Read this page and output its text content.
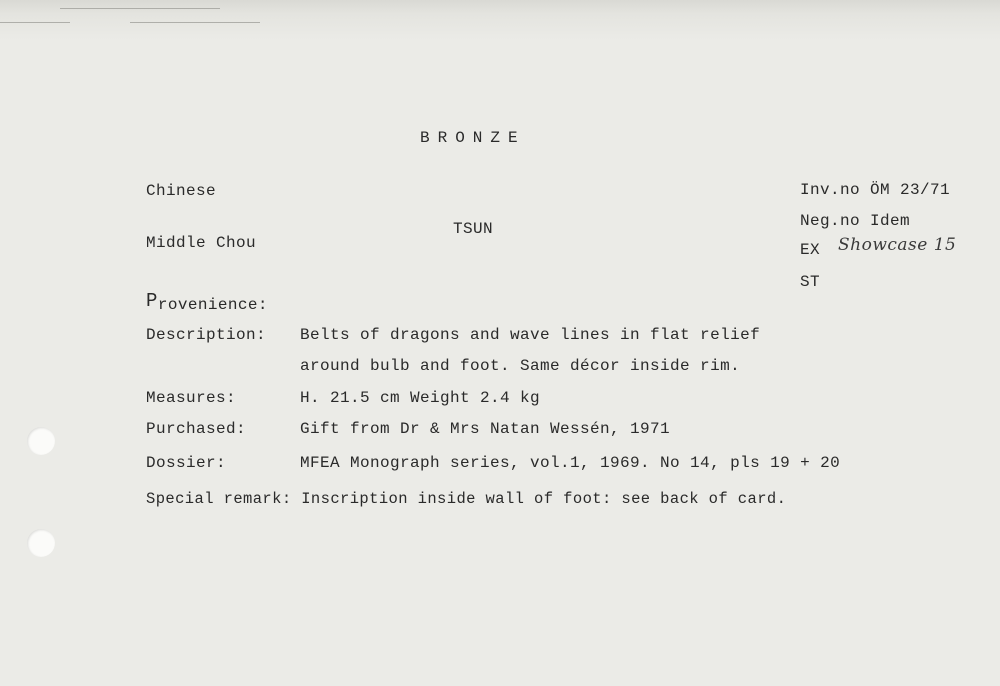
BRONZE
Chinese
Middle Chou
TSUN
Inv.no ÖM 23/71
Neg.no Idem
EX Showcase 15
ST
Provenience:
Description: Belts of dragons and wave lines in flat relief
around bulb and foot. Same décor inside rim.
Measures:	H. 21.5 cm Weight 2.4 kg
Purchased:	Gift from Dr & Mrs Natan Wessén, 1971
Dossier:	MFEA Monograph series, vol.1, 1969. No 14, pls 19 + 20
Special remark: Inscription inside wall of foot: see back of card.
